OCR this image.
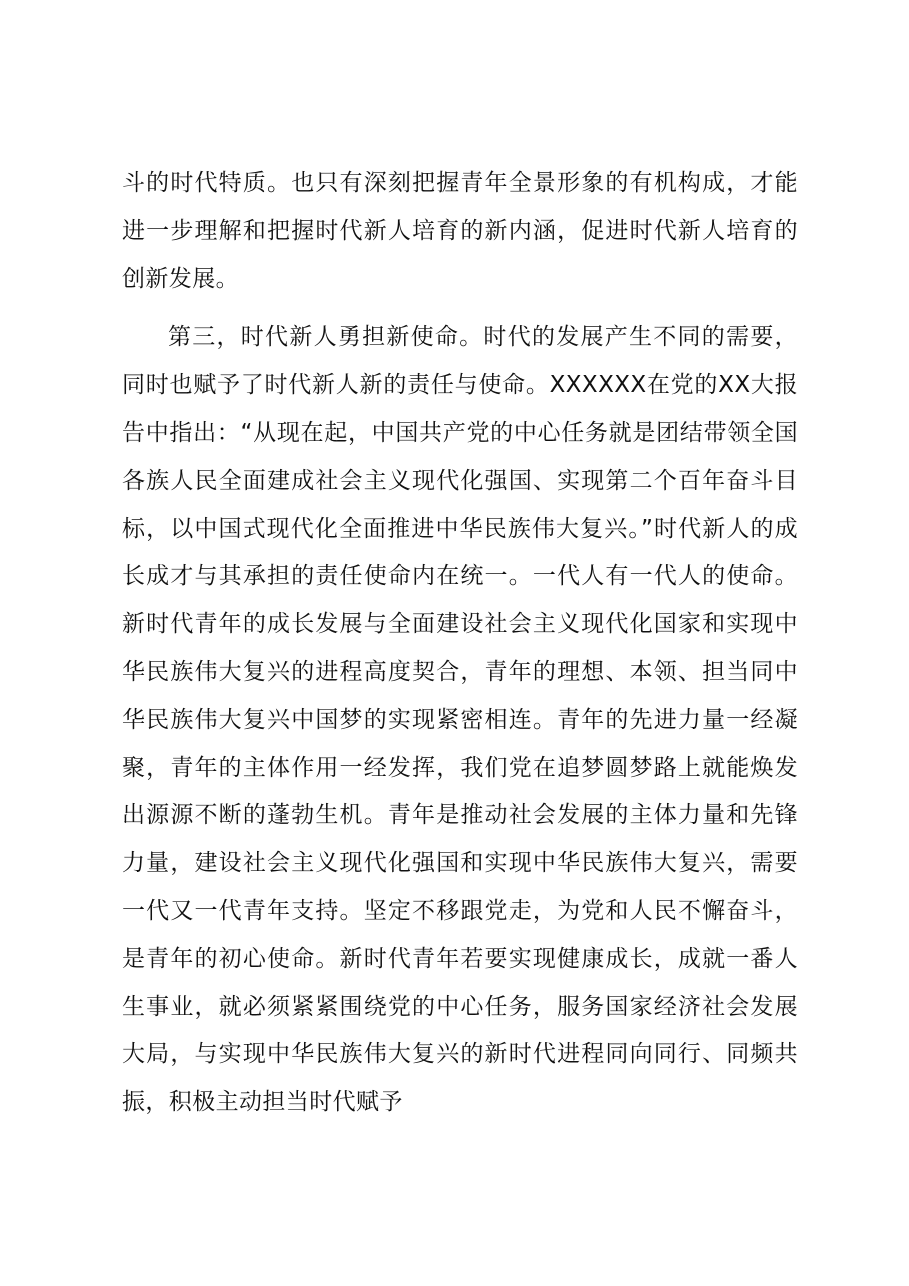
斗的时代特质。也只有深刻把握青年全景形象的有机构成，才能进一步理解和把握时代新人培育的新内涵，促进时代新人培育的创新发展。

第三，时代新人勇担新使命。时代的发展产生不同的需要，同时也赋予了时代新人新的责任与使命。XXXXXX在党的XX大报告中指出：“从现在起，中国共产党的中心任务就是团结带领全国各族人民全面建成社会主义现代化强国、实现第二个百年奋斗目标，以中国式现代化全面推进中华民族伟大复兴。”时代新人的成长成才与其承担的责任使命内在统一。一代人有一代人的使命。新时代青年的成长发展与全面建设社会主义现代化国家和实现中华民族伟大复兴的进程高度契合，青年的理想、本领、担当同中华民族伟大复兴中国梦的实现紧密相连。青年的先进力量一经凝聚，青年的主体作用一经发挥，我们党在追梦圆梦路上就能焕发出源源不断的蓬勃生机。青年是推动社会发展的主体力量和先锋力量，建设社会主义现代化强国和实现中华民族伟大复兴，需要一代又一代青年支持。坚定不移跟党走，为党和人民不懈奋斗，是青年的初心使命。新时代青年若要实现健康成长，成就一番人生事业，就必须紧紧围绕党的中心任务，服务国家经济社会发展大局，与实现中华民族伟大复兴的新时代进程同向同行、同频共振，积极主动担当时代赋予
